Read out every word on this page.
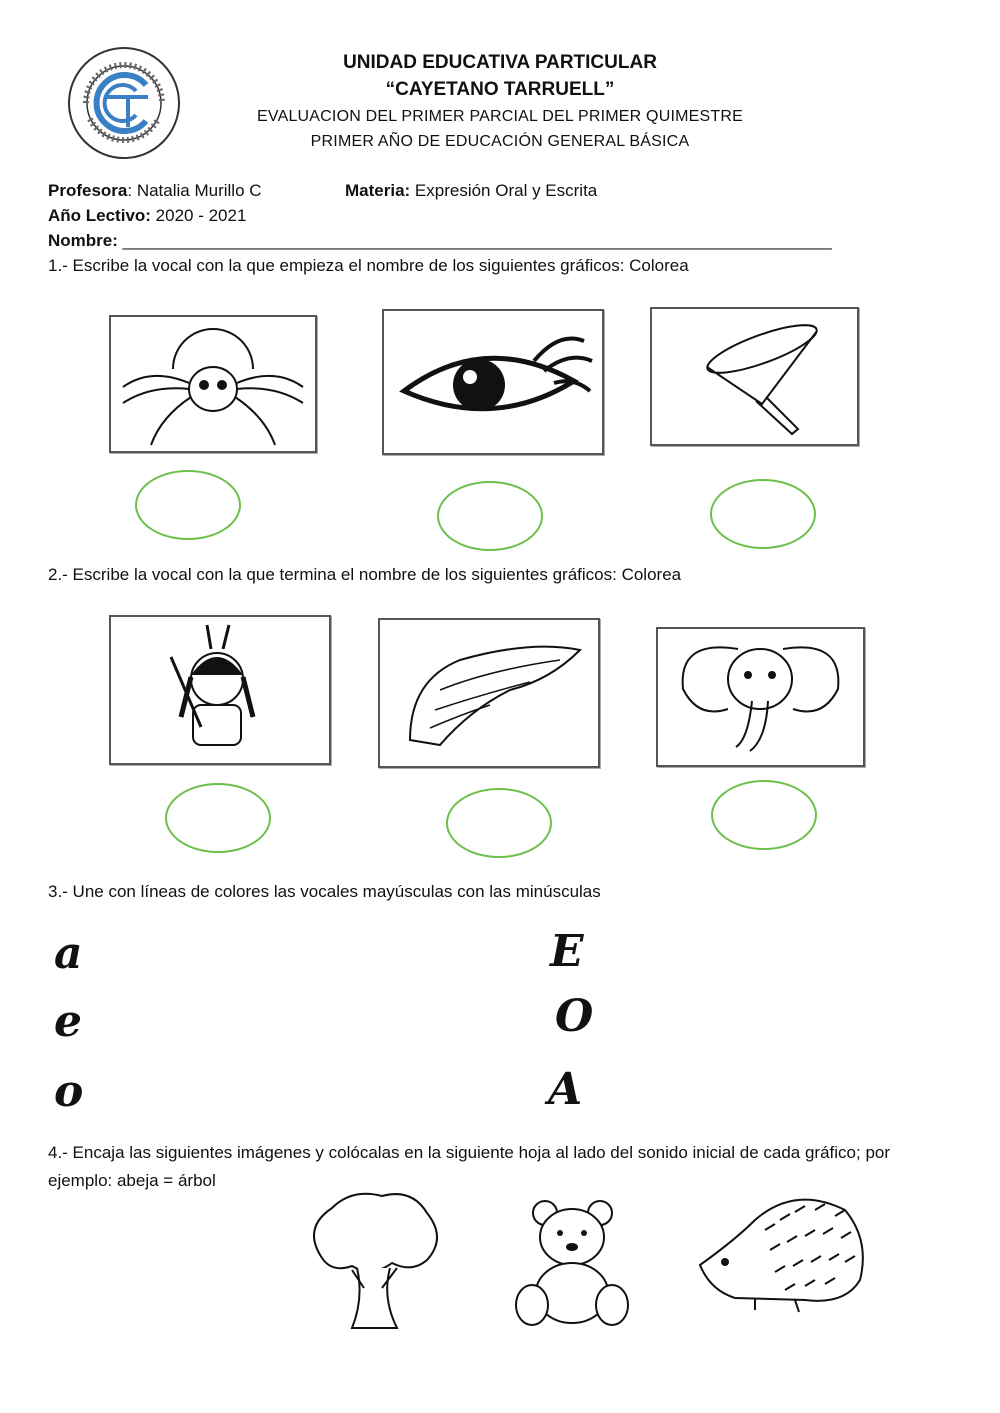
UNIDAD EDUCATIVA PARTICULAR
“CAYETANO TARRUELL”
EVALUACION DEL PRIMER PARCIAL DEL PRIMER QUIMESTRE
PRIMER AÑO DE EDUCACIÓN GENERAL BÁSICA
Profesora: Natalia Murillo C	Materia: Expresión Oral y Escrita
Año Lectivo: 2020 - 2021
Nombre: ___________________________________________________________________________
1.- Escribe la vocal con la que empieza el nombre de los siguientes gráficos: Colorea
2.- Escribe la vocal con la que termina el nombre de los siguientes gráficos: Colorea
3.- Une con líneas de colores las vocales mayúsculas con las minúsculas
a
e
o
E
O
A
4.- Encaja las siguientes imágenes y colócalas en la siguiente hoja al lado del sonido inicial de cada gráfico; por
ejemplo: abeja = árbol
